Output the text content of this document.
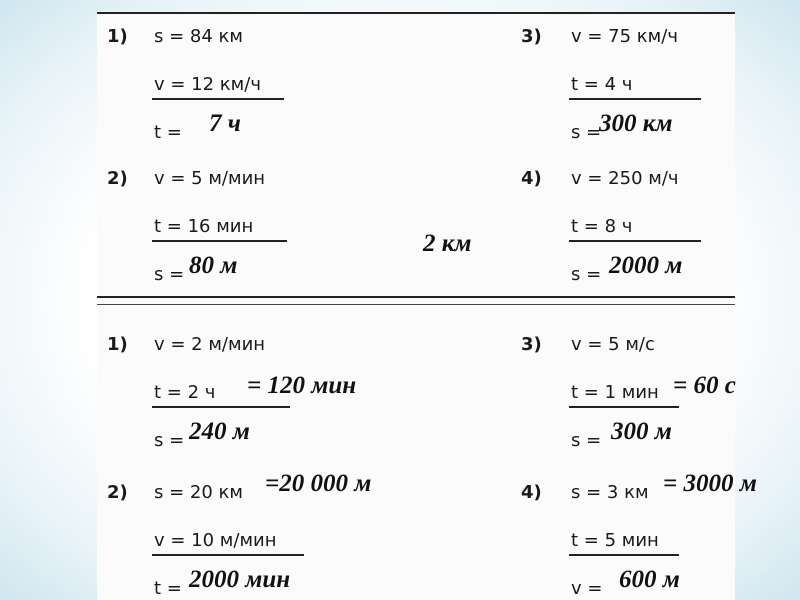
1) s = 84 км
v = 12 км/ч
t = 7 ч
2) v = 5 м/мин
t = 16 мин
s = 80 м
2 км
3) v = 75 км/ч
t = 4 ч
s =
300 км
4) v = 250 м/ч
t = 8 ч
s = 2000 м
1) v = 2 м/мин
t = 2 ч = 120 мин
s = 240 м
2) s = 20 км =20 000 м
v = 10 м/мин
t = 2000 мин
3) v = 5 м/с
t = 1 мин = 60 с
s = 300 м
4) s = 3 км = 3000 м
t = 5 мин
v = 600 м
